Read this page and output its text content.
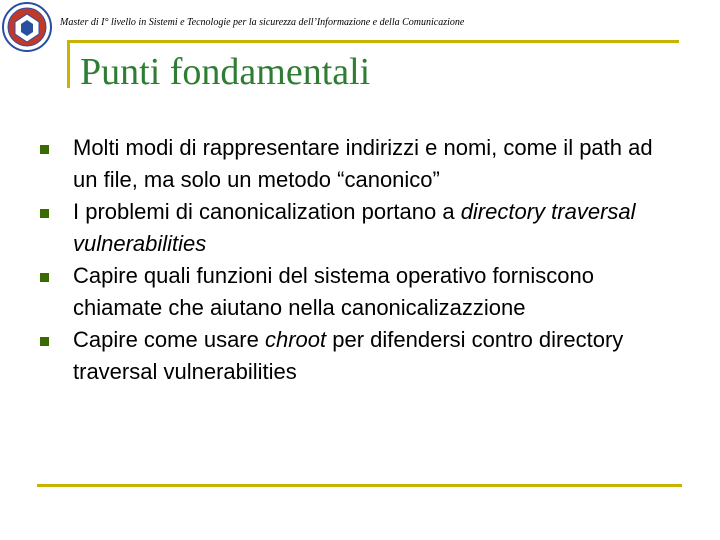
Master di I° livello in Sistemi e Tecnologie per la sicurezza dell’Informazione e della Comunicazione
Punti fondamentali
Molti modi di rappresentare indirizzi e nomi, come il path ad un file, ma solo un metodo “canonico”
I problemi di canonicalization portano a directory traversal vulnerabilities
Capire quali funzioni del sistema operativo forniscono chiamate che aiutano nella canonicalizazzione
Capire come usare chroot per difendersi contro directory traversal vulnerabilities
